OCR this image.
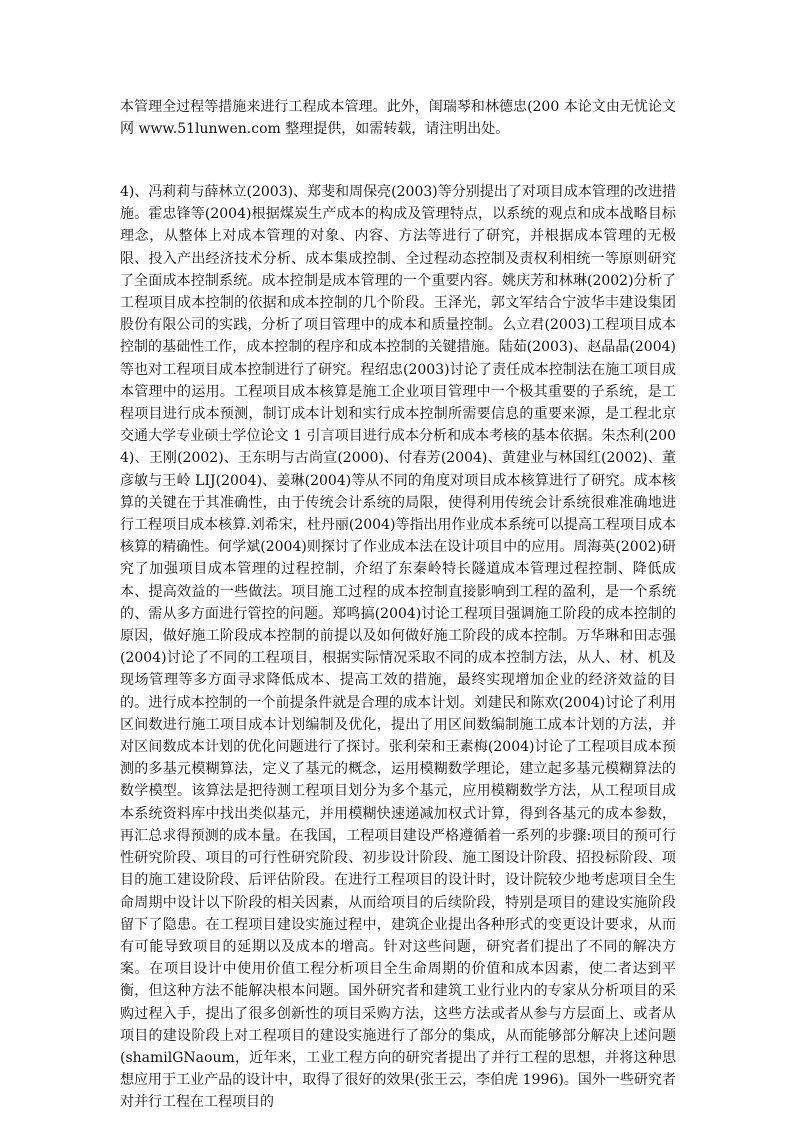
本管理全过程等措施来进行工程成本管理。此外，闺瑞琴和林德忠(200 本论文由无忧论文网 www.51lunwen.com 整理提供，如需转载，请注明出处。

4)、冯莉莉与薛林立(2003)、郑斐和周保亮(2003)等分别提出了对项目成本管理的改进措施。霍忠锋等(2004)根据煤炭生产成本的构成及管理特点，以系统的观点和成本战略目标理念，从整体上对成本管理的对象、内容、方法等进行了研究，并根据成本管理的无极限、投入产出经济技术分析、成本集成控制、全过程动态控制及责权利相统一等原则研究了全面成本控制系统。成本控制是成本管理的一个重要内容。姚庆芳和林琳(2002)分析了工程项目成本控制的依据和成本控制的几个阶段。王泽光，郭文军结合宁波华丰建设集团股份有限公司的实践，分析了项目管理中的成本和质量控制。么立君(2003)工程项目成本控制的基础性工作，成本控制的程序和成本控制的关键措施。陆茹(2003)、赵晶晶(2004)等也对工程项目成本控制进行了研究。程绍忠(2003)讨论了责任成本控制法在施工项目成本管理中的运用。工程项目成本核算是施工企业项目管理中一个极其重要的子系统，是工程项目进行成本预测，制订成本计划和实行成本控制所需要信息的重要来源，是工程北京交通大学专业硕士学位论文 1 引言项目进行成本分析和成本考核的基本依据。朱杰利(2004)、王刚(2002)、王东明与古尚宣(2000)、付春芳(2004)、黄建业与林国红(2002)、董彦敏与王岭 LIJ(2004)、姜琳(2004)等从不同的角度对项目成本核算进行了研究。成本核算的关键在于其准确性，由于传统会计系统的局限，使得利用传统会计系统很难准确地进行工程项目成本核算.刘希宋，杜丹丽(2004)等指出用作业成本系统可以提高工程项目成本核算的精确性。何学斌(2004)则探讨了作业成本法在设计项目中的应用。周海英(2002)研究了加强项目成本管理的过程控制，介绍了东秦岭特长隧道成本管理过程控制、降低成本、提高效益的一些做法。项目施工过程的成本控制直接影响到工程的盈利，是一个系统的、需从多方面进行管控的问题。郑鸣搞(2004)讨论工程项目强调施工阶段的成本控制的原因，做好施工阶段成本控制的前提以及如何做好施工阶段的成本控制。万华琳和田志强(2004)讨论了不同的工程项目，根据实际情况采取不同的成本控制方法，从人、材、机及现场管理等多方面寻求降低成本、提高工效的措施，最终实现增加企业的经济效益的目的。进行成本控制的一个前提条件就是合理的成本计划。刘建民和陈欢(2004)讨论了利用区间数进行施工项目成本计划编制及优化，提出了用区间数编制施工成本计划的方法，并对区间数成本计划的优化问题进行了探讨。张利荣和王素梅(2004)讨论了工程项目成本预测的多基元模糊算法，定义了基元的概念，运用模糊数学理论，建立起多基元模糊算法的数学模型。该算法是把待测工程项目划分为多个基元，应用模糊数学方法，从工程项目成本系统资料库中找出类似基元，并用模糊快速递减加权式计算，得到各基元的成本参数，再汇总求得预测的成本量。在我国，工程项目建设严格遵循着一系列的步骤:项目的预可行性研究阶段、项目的可行性研究阶段、初步设计阶段、施工图设计阶段、招投标阶段、项目的施工建设阶段、后评估阶段。在进行工程项目的设计时，设计院较少地考虑项目全生命周期中设计以下阶段的相关因素，从而给项目的后续阶段，特别是项目的建设实施阶段留下了隐患。在工程项目建设实施过程中，建筑企业提出各种形式的变更设计要求，从而有可能导致项目的延期以及成本的增高。针对这些问题，研究者们提出了不同的解决方案。在项目设计中使用价值工程分析项目全生命周期的价值和成本因素，使二者达到平衡，但这种方法不能解决根本问题。国外研究者和建筑工业行业内的专家从分析项目的采购过程入手，提出了很多创新性的项目采购方法，这些方法或者从参与方层面上、或者从项目的建设阶段上对工程项目的建设实施进行了部分的集成，从而能够部分解决上述问题(shamilGNaoum，近年来，工业工程方向的研究者提出了并行工程的思想，并将这种思想应用于工业产品的设计中，取得了很好的效果(张王云，李伯虎 1996)。国外一些研究者对并行工程在工程项目的
